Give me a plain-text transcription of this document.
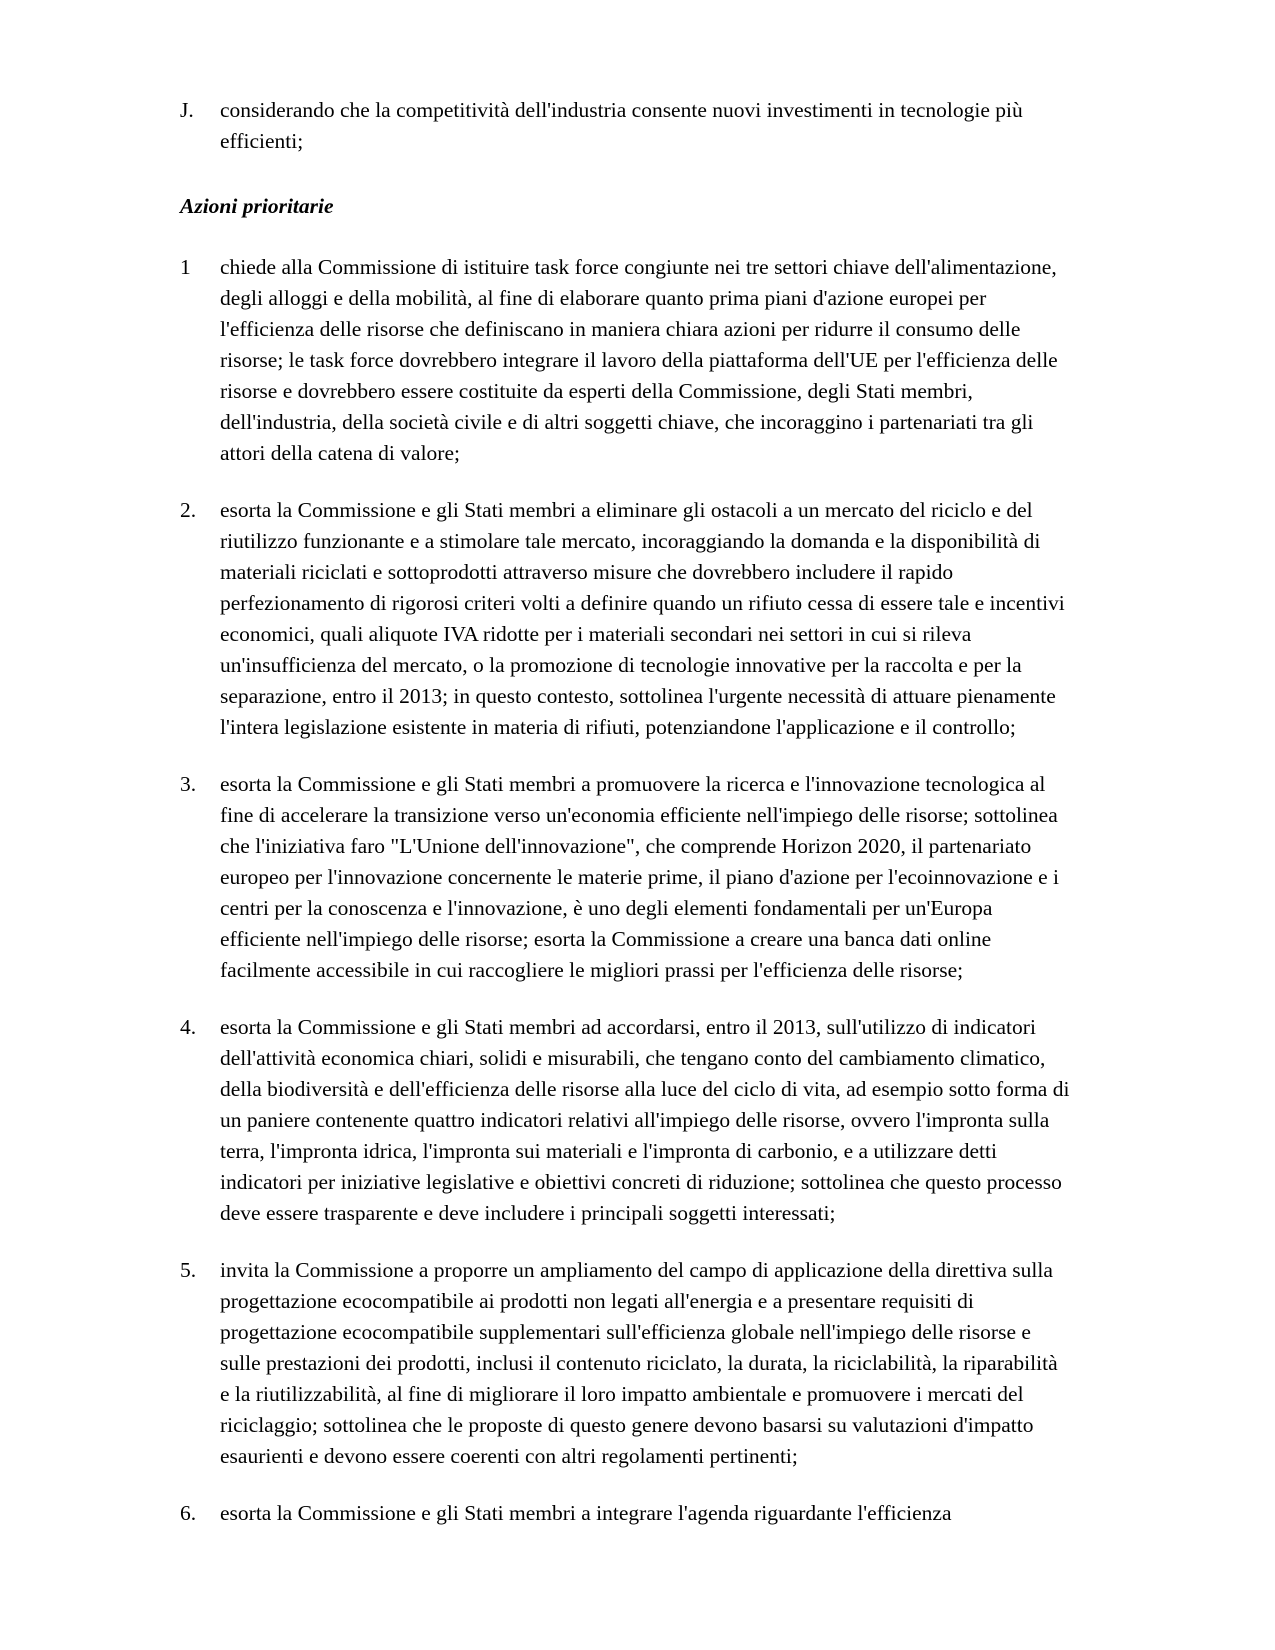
J.	considerando che la competitività dell'industria consente nuovi investimenti in tecnologie più efficienti;
Azioni prioritarie
1	chiede alla Commissione di istituire task force congiunte nei tre settori chiave dell'alimentazione, degli alloggi e della mobilità, al fine di elaborare quanto prima piani d'azione europei per l'efficienza delle risorse che definiscano in maniera chiara azioni per ridurre il consumo delle risorse; le task force dovrebbero integrare il lavoro della piattaforma dell'UE per l'efficienza delle risorse e dovrebbero essere costituite da esperti della Commissione, degli Stati membri, dell'industria, della società civile e di altri soggetti chiave, che incoraggino i partenariati tra gli attori della catena di valore;
2.	esorta la Commissione e gli Stati membri a eliminare gli ostacoli a un mercato del riciclo e del riutilizzo funzionante e a stimolare tale mercato, incoraggiando la domanda e la disponibilità di materiali riciclati e sottoprodotti attraverso misure che dovrebbero includere il rapido perfezionamento di rigorosi criteri volti a definire quando un rifiuto cessa di essere tale e incentivi economici, quali aliquote IVA ridotte per i materiali secondari nei settori in cui si rileva un'insufficienza del mercato, o la promozione di tecnologie innovative per la raccolta e per la separazione, entro il 2013; in questo contesto, sottolinea l'urgente necessità di attuare pienamente l'intera legislazione esistente in materia di rifiuti, potenziandone l'applicazione e il controllo;
3.	esorta la Commissione e gli Stati membri a promuovere la ricerca e l'innovazione tecnologica al fine di accelerare la transizione verso un'economia efficiente nell'impiego delle risorse; sottolinea che l'iniziativa faro "L'Unione dell'innovazione", che comprende Horizon 2020, il partenariato europeo per l'innovazione concernente le materie prime, il piano d'azione per l'ecoinnovazione e i centri per la conoscenza e l'innovazione, è uno degli elementi fondamentali per un'Europa efficiente nell'impiego delle risorse; esorta la Commissione a creare una banca dati online facilmente accessibile in cui raccogliere le migliori prassi per l'efficienza delle risorse;
4.	esorta la Commissione e gli Stati membri ad accordarsi, entro il 2013, sull'utilizzo di indicatori dell'attività economica chiari, solidi e misurabili, che tengano conto del cambiamento climatico, della biodiversità e dell'efficienza delle risorse alla luce del ciclo di vita, ad esempio sotto forma di un paniere contenente quattro indicatori relativi all'impiego delle risorse, ovvero l'impronta sulla terra, l'impronta idrica, l'impronta sui materiali e l'impronta di carbonio, e a utilizzare detti indicatori per iniziative legislative e obiettivi concreti di riduzione; sottolinea che questo processo deve essere trasparente e deve includere i principali soggetti interessati;
5.	invita la Commissione a proporre un ampliamento del campo di applicazione della direttiva sulla progettazione ecocompatibile ai prodotti non legati all'energia e a presentare requisiti di progettazione ecocompatibile supplementari sull'efficienza globale nell'impiego delle risorse e sulle prestazioni dei prodotti, inclusi il contenuto riciclato, la durata, la riciclabilità, la riparabilità e la riutilizzabilità, al fine di migliorare il loro impatto ambientale e promuovere i mercati del riciclaggio; sottolinea che le proposte di questo genere devono basarsi su valutazioni d'impatto esaurienti e devono essere coerenti con altri regolamenti pertinenti;
6.	esorta la Commissione e gli Stati membri a integrare l'agenda riguardante l'efficienza
